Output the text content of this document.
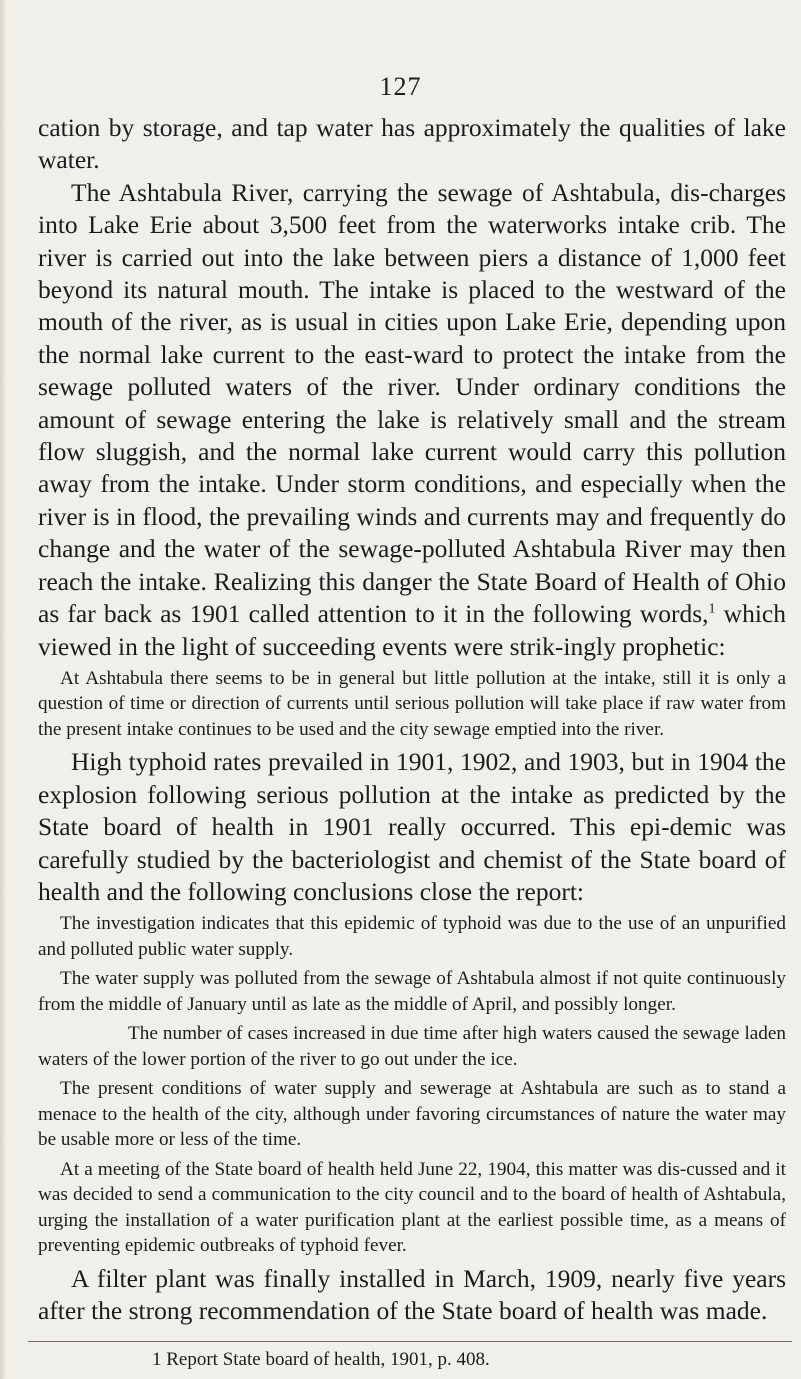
127

cation by storage, and tap water has approximately the qualities of lake water.

The Ashtabula River, carrying the sewage of Ashtabula, dis-charges into Lake Erie about 3,500 feet from the waterworks intake crib. The river is carried out into the lake between piers a distance of 1,000 feet beyond its natural mouth. The intake is placed to the westward of the mouth of the river, as is usual in cities upon Lake Erie, depending upon the normal lake current to the east-ward to protect the intake from the sewage polluted waters of the river. Under ordinary conditions the amount of sewage entering the lake is relatively small and the stream flow sluggish, and the normal lake current would carry this pollution away from the intake. Under storm conditions, and especially when the river is in flood, the prevailing winds and currents may and frequently do change and the water of the sewage-polluted Ashtabula River may then reach the intake. Realizing this danger the State Board of Health of Ohio as far back as 1901 called attention to it in the following words,$^1$ which viewed in the light of succeeding events were strik-ingly prophetic:

At Ashtabula there seems to be in general but little pollution at the intake, still it is only a question of time or direction of currents until serious pollution will take place if raw water from the present intake continues to be used and the city sewage emptied into the river.

High typhoid rates prevailed in 1901, 1902, and 1903, but in 1904 the explosion following serious pollution at the intake as predicted by the State board of health in 1901 really occurred. This epi-demic was carefully studied by the bacteriologist and chemist of the State board of health and the following conclusions close the report:

The investigation indicates that this epidemic of typhoid was due to the use of an unpurified and polluted public water supply.

The water supply was polluted from the sewage of Ashtabula almost if not quite continuously from the middle of January until as late as the middle of April, and possibly longer.

The number of cases increased in due time after high waters caused the sewage laden waters of the lower portion of the river to go out under the ice.

The present conditions of water supply and sewerage at Ashtabula are such as to stand a menace to the health of the city, although under favoring circumstances of nature the water may be usable more or less of the time.

At a meeting of the State board of health held June 22, 1904, this matter was dis-cussed and it was decided to send a communication to the city council and to the board of health of Ashtabula, urging the installation of a water purification plant at the earliest possible time, as a means of preventing epidemic outbreaks of typhoid fever.

A filter plant was finally installed in March, 1909, nearly five years after the strong recommendation of the State board of health was made.

1 Report State board of health, 1901, p. 408.
